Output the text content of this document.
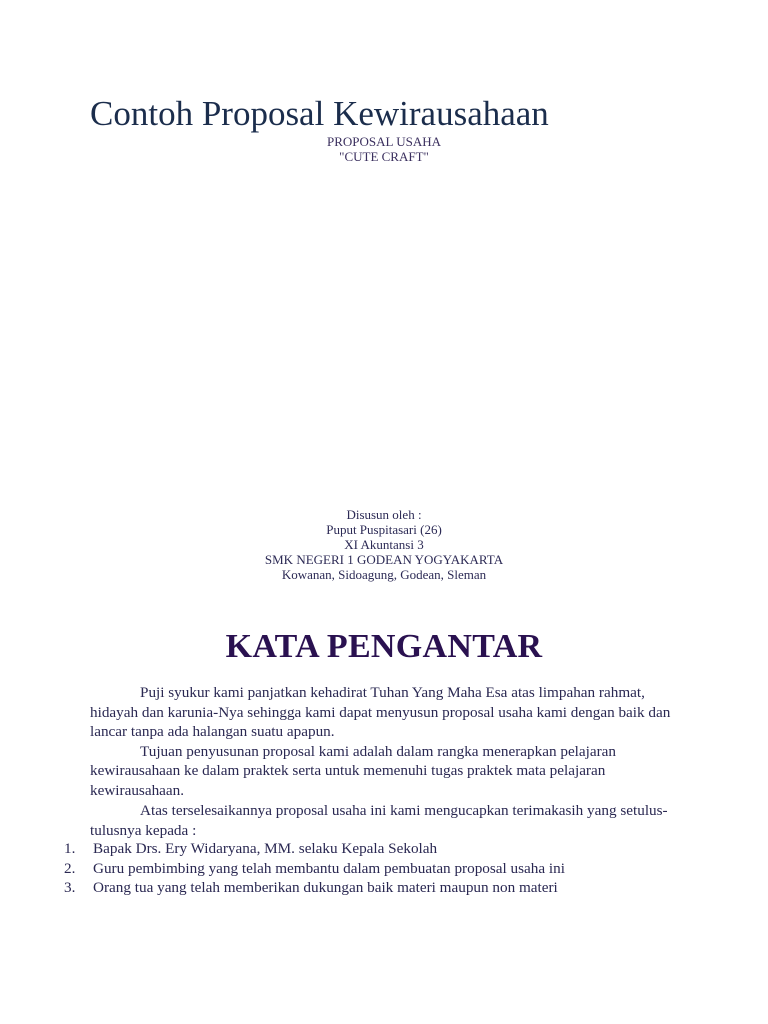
Contoh Proposal Kewirausahaan
PROPOSAL USAHA
"CUTE CRAFT"
Disusun oleh :
Puput Puspitasari (26)
XI Akuntansi 3
SMK NEGERI 1 GODEAN YOGYAKARTA
Kowanan, Sidoagung, Godean, Sleman
KATA PENGANTAR

Puji syukur kami panjatkan kehadirat Tuhan Yang Maha Esa atas limpahan rahmat, hidayah dan karunia-Nya sehingga kami dapat menyusun proposal usaha kami dengan baik dan lancar tanpa ada halangan suatu apapun.

Tujuan penyusunan proposal kami adalah dalam rangka menerapkan pelajaran kewirausahaan ke dalam praktek serta untuk memenuhi tugas praktek mata pelajaran kewirausahaan.

Atas terselesaikannya proposal usaha ini kami mengucapkan terimakasih yang setulus-tulusnya kepada :

1.	Bapak Drs. Ery Widaryana, MM. selaku Kepala Sekolah
2.	Guru pembimbing yang telah membantu dalam pembuatan proposal usaha ini
3.	Orang tua yang telah memberikan dukungan baik materi maupun non materi
